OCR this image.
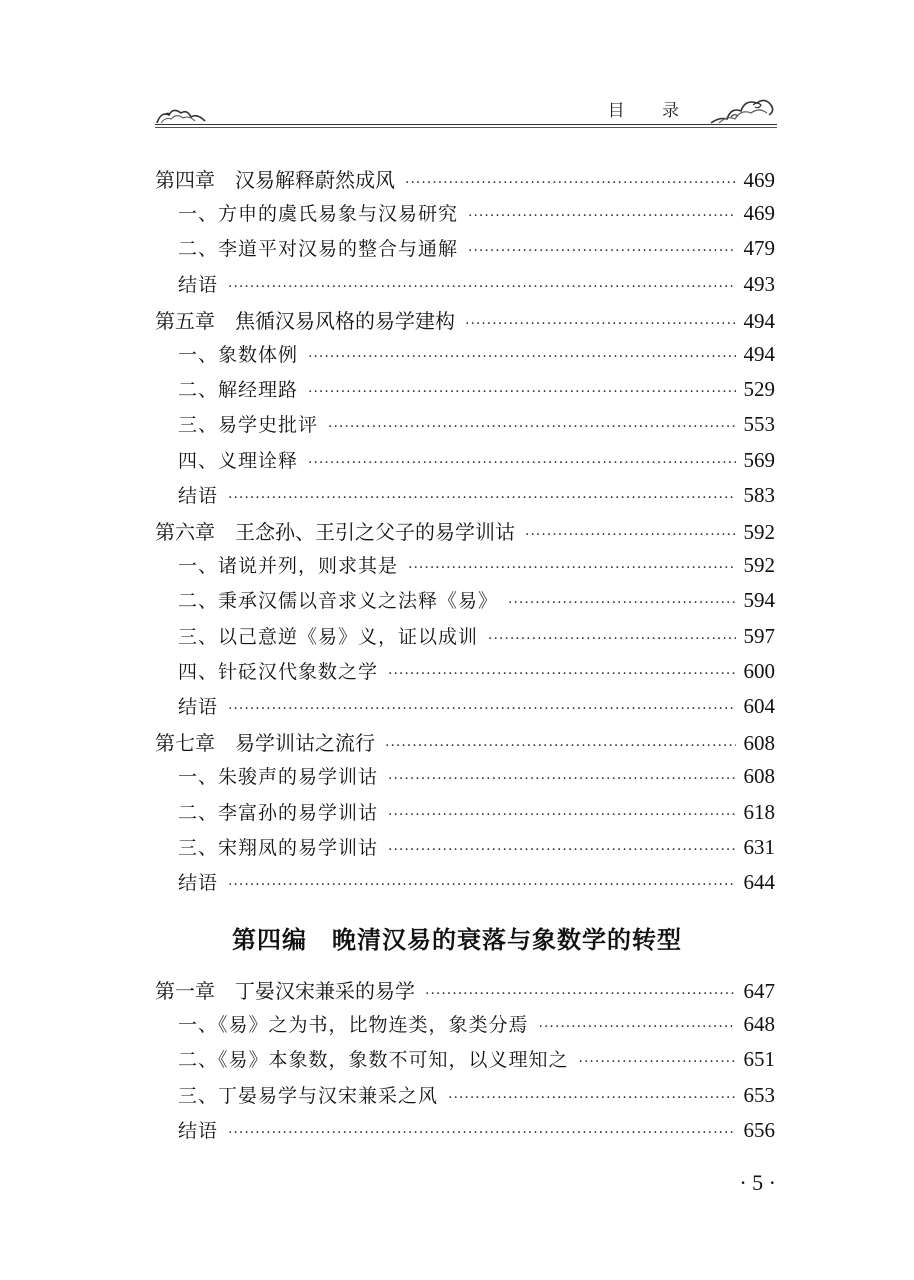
目 录
第四章　汉易解释蔚然成风 ·····	469
一、方申的虞氏易象与汉易研究 ·····	469
二、李道平对汉易的整合与通解 ·····	479
结语 ·····	493
第五章　焦循汉易风格的易学建构 ·····	494
一、象数体例 ·····	494
二、解经理路 ·····	529
三、易学史批评 ·····	553
四、义理诠释 ·····	569
结语 ·····	583
第六章　王念孙、王引之父子的易学训诂 ·····	592
一、诸说并列，则求其是 ·····	592
二、秉承汉儒以音求义之法释《易》 ·····	594
三、以己意逆《易》义，证以成训 ·····	597
四、针砭汉代象数之学 ·····	600
结语 ·····	604
第七章　易学训诂之流行 ·····	608
一、朱骏声的易学训诂 ·····	608
二、李富孙的易学训诂 ·····	618
三、宋翔凤的易学训诂 ·····	631
结语 ·····	644
第四编　晚清汉易的衰落与象数学的转型
第一章　丁晏汉宋兼采的易学 ·····	647
一、《易》之为书，比物连类，象类分焉 ·····	648
二、《易》本象数，象数不可知，以义理知之 ·····	651
三、丁晏易学与汉宋兼采之风 ·····	653
结语 ·····	656
· 5 ·
